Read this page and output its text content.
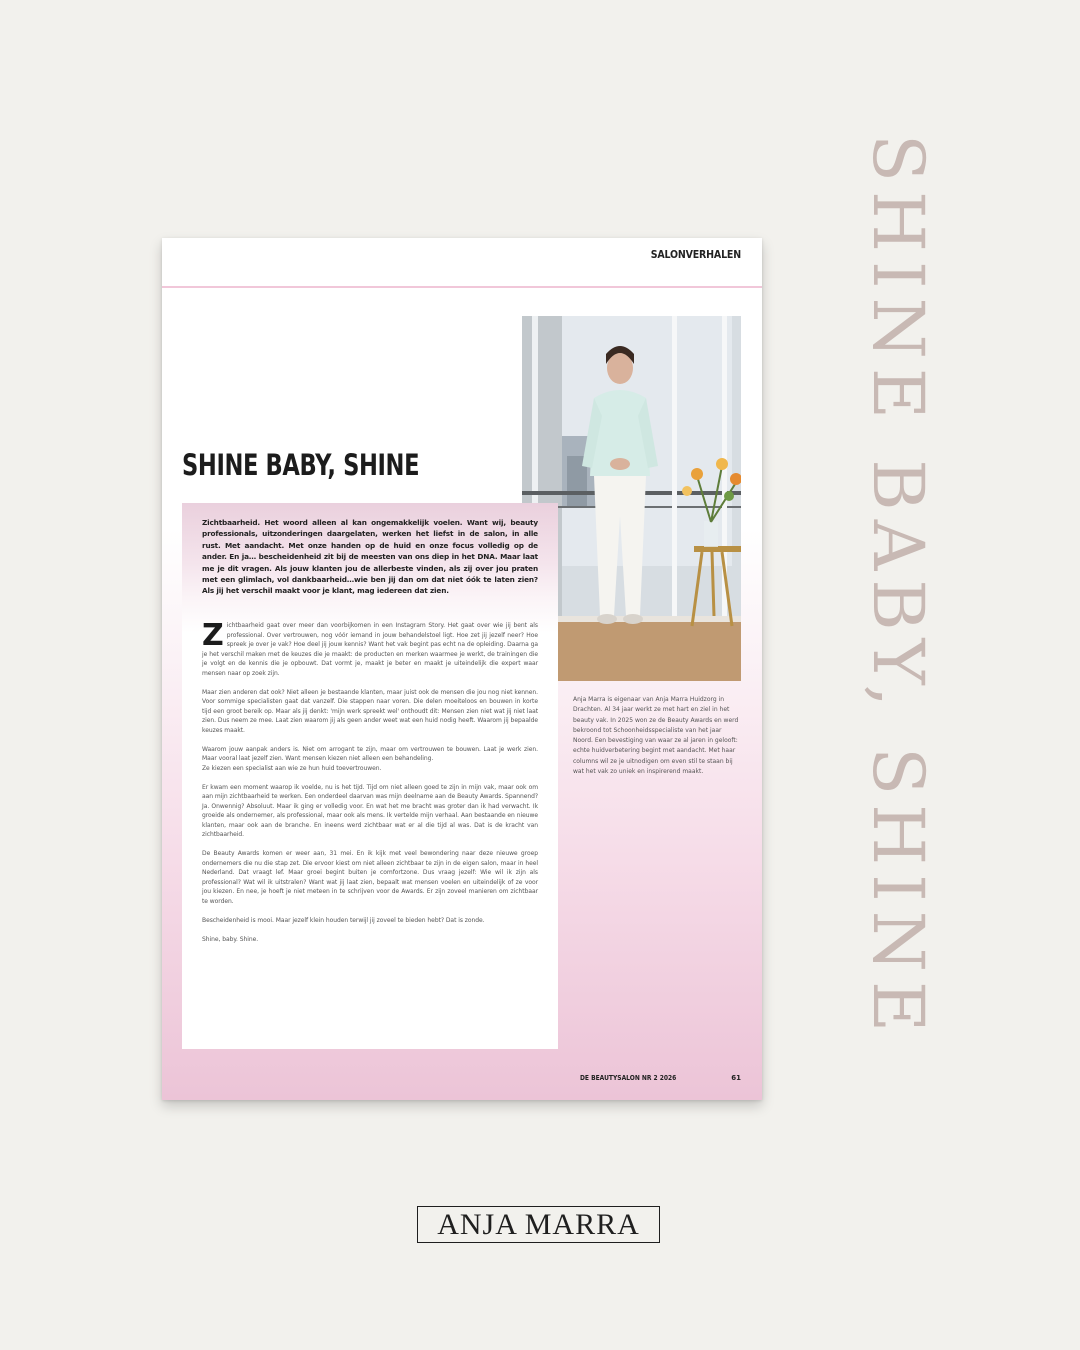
SALONVERHALEN
SHINE BABY, SHINE

Zichtbaarheid. Het woord alleen al kan ongemakkelijk voelen. Want wij, beauty professionals, uitzonderingen daargelaten, werken het liefst in de salon, in alle rust. Met aandacht. Met onze handen op de huid en onze focus volledig op de ander. En ja… bescheidenheid zit bij de meesten van ons diep in het DNA. Maar laat me je dit vragen. Als jouw klanten jou de allerbeste vinden, als zij over jou praten met een glimlach, vol dankbaarheid…wie ben jij dan om dat niet óók te laten zien? Als jij het verschil maakt voor je klant, mag iedereen dat zien.

Zichtbaarheid gaat over meer dan voorbijkomen in een Instagram Story. Het gaat over wie jij bent als professional. Over vertrouwen, nog vóór iemand in jouw behandelstoel ligt. Hoe zet jij jezelf neer? Hoe spreek je over je vak? Hoe deel jij jouw kennis? Want het vak begint pas echt na de opleiding. Daarna ga je het verschil maken met de keuzes die je maakt: de producten en merken waarmee je werkt, de trainingen die je volgt en de kennis die je opbouwt. Dat vormt je, maakt je beter en maakt je uiteindelijk die expert waar mensen naar op zoek zijn.

Maar zien anderen dat ook? Niet alleen je bestaande klanten, maar juist ook de mensen die jou nog niet kennen. Voor sommige specialisten gaat dat vanzelf. Die stappen naar voren. Die delen moeiteloos en bouwen in korte tijd een groot bereik op. Maar als jij denkt: 'mijn werk spreekt wel' onthoudt dit: Mensen zien niet wat jij niet laat zien. Dus neem ze mee. Laat zien waarom jij als geen ander weet wat een huid nodig heeft. Waarom jij bepaalde keuzes maakt.

Waarom jouw aanpak anders is. Niet om arrogant te zijn, maar om vertrouwen te bouwen. Laat je werk zien. Maar vooral laat jezelf zien. Want mensen kiezen niet alleen een behandeling.

Ze kiezen een specialist aan wie ze hun huid toevertrouwen.

Er kwam een moment waarop ik voelde, nu is het tijd. Tijd om niet alleen goed te zijn in mijn vak, maar ook om aan mijn zichtbaarheid te werken. Een onderdeel daarvan was mijn deelname aan de Beauty Awards. Spannend? Ja. Onwennig? Absoluut. Maar ik ging er volledig voor. En wat het me bracht was groter dan ik had verwacht. Ik groeide als ondernemer, als professional, maar ook als mens. Ik vertelde mijn verhaal. Aan bestaande en nieuwe klanten, maar ook aan de branche. En ineens werd zichtbaar wat er al die tijd al was. Dat is de kracht van zichtbaarheid.

De Beauty Awards komen er weer aan, 31 mei. En ik kijk met veel bewondering naar deze nieuwe groep ondernemers die nu die stap zet. Die ervoor kiest om niet alleen zichtbaar te zijn in de eigen salon, maar in heel Nederland. Dat vraagt lef. Maar groei begint buiten je comfortzone. Dus vraag jezelf: Wie wil ik zijn als professional? Wat wil ik uitstralen? Want wat jij laat zien, bepaalt wat mensen voelen en uiteindelijk of ze voor jou kiezen. En nee, je hoeft je niet meteen in te schrijven voor de Awards. Er zijn zoveel manieren om zichtbaar te worden.

Bescheidenheid is mooi. Maar jezelf klein houden terwijl jij zoveel te bieden hebt? Dat is zonde.

Shine, baby. Shine.

Anja Marra is eigenaar van Anja Marra Huidzorg in Drachten. Al 34 jaar werkt ze met hart en ziel in het beauty vak. In 2025 won ze de Beauty Awards en werd bekroond tot Schoonheidsspecialiste van het jaar Noord. Een bevestiging van waar ze al jaren in gelooft: echte huidverbetering begint met aandacht. Met haar columns wil ze je uitnodigen om even stil te staan bij wat het vak zo uniek en inspirerend maakt.

DE BEAUTYSALON NR 2 2026	61
SHINE BABY, SHINE
ANJA MARRA
